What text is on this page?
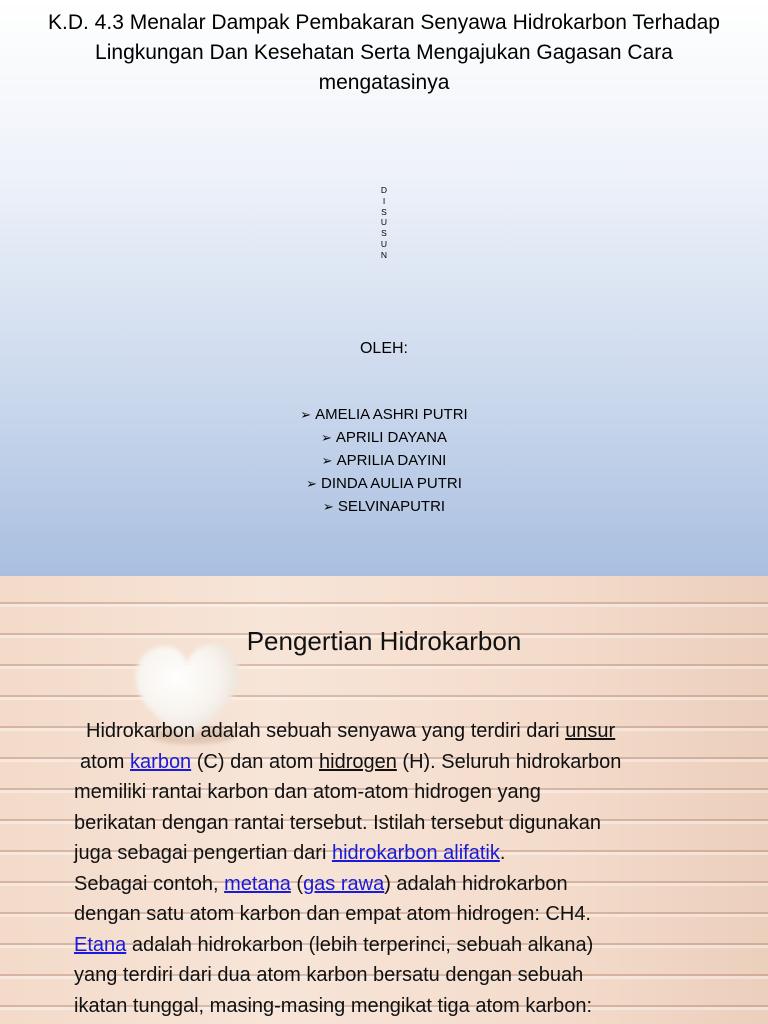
K.D. 4.3 Menalar Dampak Pembakaran Senyawa Hidrokarbon Terhadap
Lingkungan Dan Kesehatan Serta Mengajukan Gagasan Cara
mengatasinya
D
I
S
U
S
U
N
OLEH:
➢ AMELIA ASHRI PUTRI
➢ APRILI DAYANA
➢ APRILIA DAYINI
➢ DINDA AULIA PUTRI
➢ SELVINAPUTRI
Pengertian Hidrokarbon
Hidrokarbon adalah sebuah senyawa yang terdiri dari unsur
atom karbon (C) dan atom hidrogen (H). Seluruh hidrokarbon
memiliki rantai karbon dan atom-atom hidrogen yang
berikatan dengan rantai tersebut. Istilah tersebut digunakan
juga sebagai pengertian dari hidrokarbon alifatik.
Sebagai contoh, metana (gas rawa) adalah hidrokarbon
dengan satu atom karbon dan empat atom hidrogen: CH4.
Etana adalah hidrokarbon (lebih terperinci, sebuah alkana)
yang terdiri dari dua atom karbon bersatu dengan sebuah
ikatan tunggal, masing-masing mengikat tiga atom karbon:
